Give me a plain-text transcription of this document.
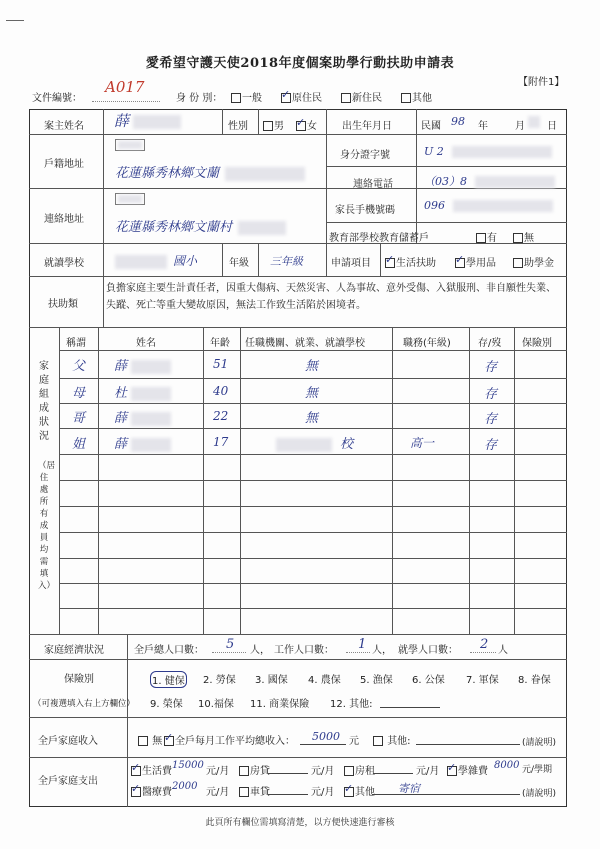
愛希望守護天使2018年度個案助學行動扶助申請表
【附件1】
文件編號：
A017
身 份 別：	一般 ✓	原住民	新住民	其他
案主姓名 薛	性別	男 ✓	女	出生年月日	民國 98 年	月 日
戶籍地址
花蓮縣秀林鄉文蘭
身分證字號	U 2
連絡電話	（03）8
連絡地址
花蓮縣秀林鄉文蘭村
家長手機號碼	096
教育部學校教育儲蓄戶	有	無
就讀學校	國小	年級 三年級	申請項目 ✓	生活扶助 ✓	學用品	助學金
扶助類
負擔家庭主要生計責任者，因重大傷病、天然災害、人為事故、意外受傷、入獄服刑、非自願性失業、失蹤、死亡等重大變故原因，無法工作致生活陷於困境者。
家庭組成狀況
（居住處所有成員均需填入）
稱謂	姓名	年齡 任職機關、就業、就讀學校	職務(年級)	存/歿 保險別
父 薛	51	無	存
母 杜	40	無	存
哥 薛	22	無	存
姐 薛	17	校	高一	存
家庭經濟狀況	全戶總人口數： 5 人， 工作人口數： 1 人， 就學人口數： 2 人
保險別
（可複選填入右上方欄位）
1. 健保 2. 勞保 3. 國保 4. 農保 5. 漁保 6. 公保 7. 軍保 8. 眷保
9. 榮保 10.福保 11. 商業保險 12. 其他:
全戶家庭收入	無 ✓	全戶每月工作平均總收入： 5000 元	其他:	(請說明)
全戶家庭支出
✓生活費
15000
元/月	房貸	元/月	房租	元/月 ✓	學雜費
8000 元/學期
✓醫療費
2000
元/月	車貸	元/月 ✓	其他 寄宿	(請說明)
此頁所有欄位需填寫清楚，以方便快速進行審核
